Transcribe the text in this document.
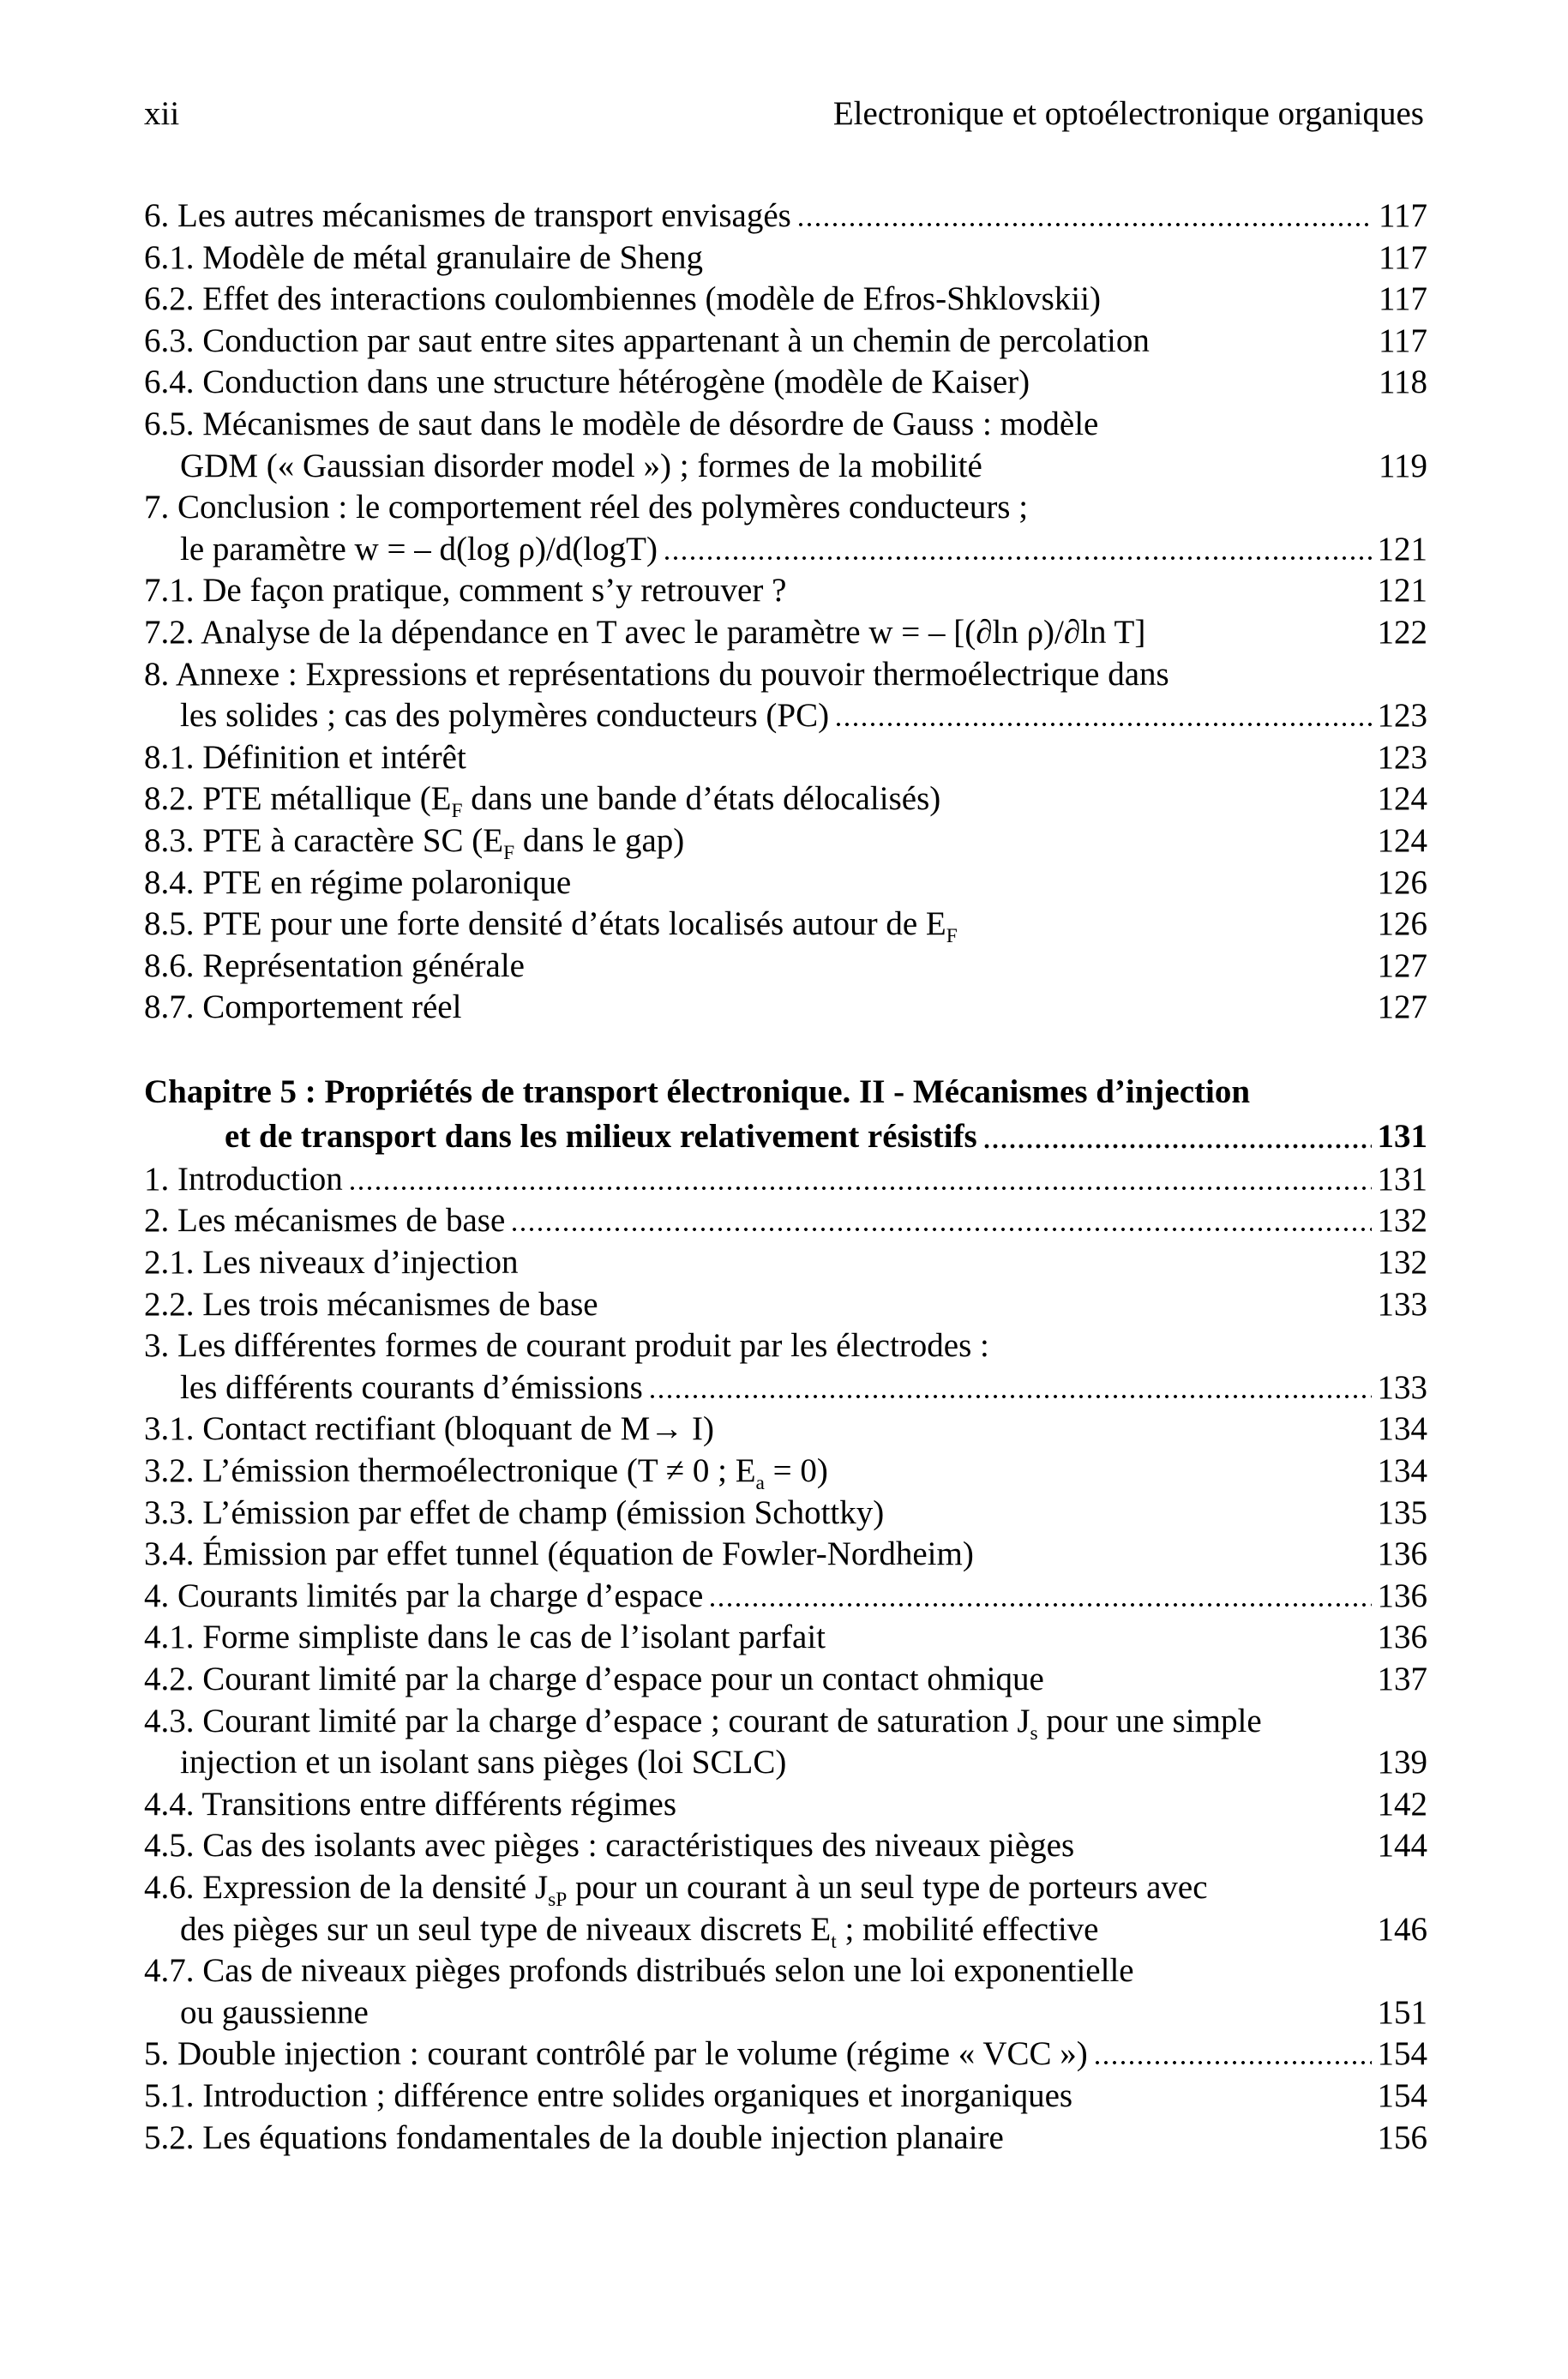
xii	Electronique et optoélectronique organiques
6. Les autres mécanismes de transport envisagés	117
6.1. Modèle de métal granulaire de Sheng	117
6.2. Effet des interactions coulombiennes (modèle de Efros-Shklovskii)	117
6.3. Conduction par saut entre sites appartenant à un chemin de percolation	117
6.4. Conduction dans une structure hétérogène (modèle de Kaiser)	118
6.5. Mécanismes de saut dans le modèle de désordre de Gauss : modèle
GDM (« Gaussian disorder model ») ; formes de la mobilité	119
7. Conclusion : le comportement réel des polymères conducteurs ;
le paramètre w = – d(log ρ)/d(logT)	121
7.1. De façon pratique, comment s’y retrouver ?	121
7.2. Analyse de la dépendance en T avec le paramètre w = – [(∂ln ρ)/∂ln T]	122
8. Annexe : Expressions et représentations du pouvoir thermoélectrique dans
les solides ; cas des polymères conducteurs (PC)	123
8.1. Définition et intérêt	123
8.2. PTE métallique ($E_F$ dans une bande d’états délocalisés)	124
8.3. PTE à caractère SC ($E_F$ dans le gap)	124
8.4. PTE en régime polaronique	126
8.5. PTE pour une forte densité d’états localisés autour de $E_F$	126
8.6. Représentation générale	127
8.7. Comportement réel	127
Chapitre 5 : Propriétés de transport électronique. II - Mécanismes d’injection
et de transport dans les milieux relativement résistifs	131
1. Introduction	131
2. Les mécanismes de base	132
2.1. Les niveaux d’injection	132
2.2. Les trois mécanismes de base	133
3. Les différentes formes de courant produit par les électrodes :
les différents courants d’émissions	133
3.1. Contact rectifiant (bloquant de M→ I)	134
3.2. L’émission thermoélectronique (T ≠ 0 ; $E_a = 0$)	134
3.3. L’émission par effet de champ (émission Schottky)	135
3.4. Émission par effet tunnel (équation de Fowler-Nordheim)	136
4. Courants limités par la charge d’espace	136
4.1. Forme simpliste dans le cas de l’isolant parfait	136
4.2. Courant limité par la charge d’espace pour un contact ohmique	137
4.3. Courant limité par la charge d’espace ; courant de saturation $J_s$ pour une simple
injection et un isolant sans pièges (loi SCLC)	139
4.4. Transitions entre différents régimes	142
4.5. Cas des isolants avec pièges : caractéristiques des niveaux pièges	144
4.6. Expression de la densité $J_{sP}$ pour un courant à un seul type de porteurs avec
des pièges sur un seul type de niveaux discrets $E_t$ ; mobilité effective	146
4.7. Cas de niveaux pièges profonds distribués selon une loi exponentielle
ou gaussienne	151
5. Double injection : courant contrôlé par le volume (régime « VCC »)	154
5.1. Introduction ; différence entre solides organiques et inorganiques	154
5.2. Les équations fondamentales de la double injection planaire	156
